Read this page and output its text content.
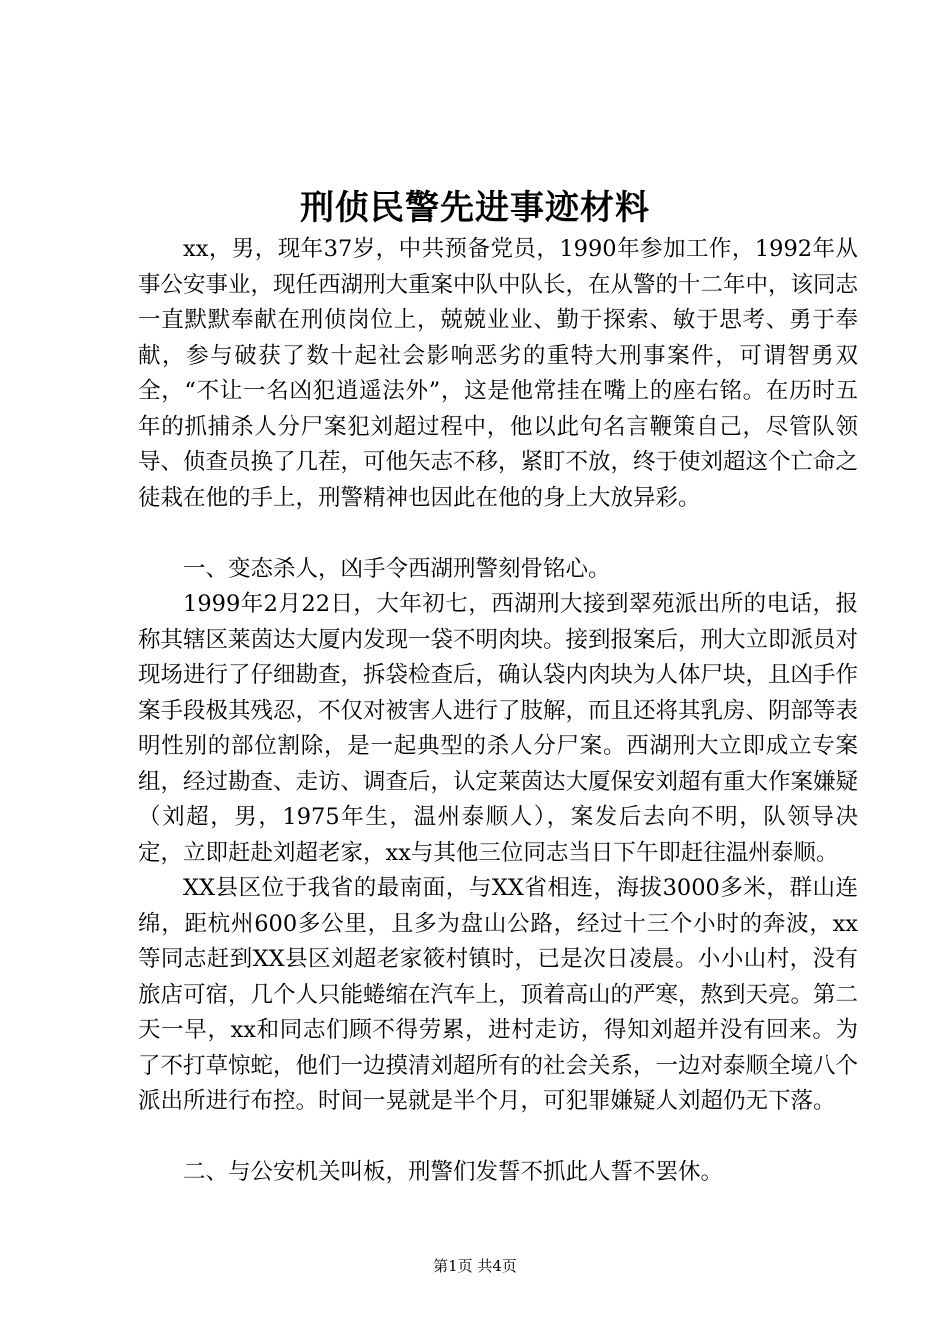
刑侦民警先进事迹材料

xx，男，现年37岁，中共预备党员，1990年参加工作，1992年从事公安事业，现任西湖刑大重案中队中队长，在从警的十二年中，该同志一直默默奉献在刑侦岗位上，兢兢业业、勤于探索、敏于思考、勇于奉献，参与破获了数十起社会影响恶劣的重特大刑事案件，可谓智勇双全，“不让一名凶犯逍遥法外”，这是他常挂在嘴上的座右铭。在历时五年的抓捕杀人分尸案犯刘超过程中，他以此句名言鞭策自己，尽管队领导、侦查员换了几茬，可他矢志不移，紧盯不放，终于使刘超这个亡命之徒栽在他的手上，刑警精神也因此在他的身上大放异彩。

一、变态杀人，凶手令西湖刑警刻骨铭心。

1999年2月22日，大年初七，西湖刑大接到翠苑派出所的电话，报称其辖区莱茵达大厦内发现一袋不明肉块。接到报案后，刑大立即派员对现场进行了仔细勘查，拆袋检查后，确认袋内肉块为人体尸块，且凶手作案手段极其残忍，不仅对被害人进行了肢解，而且还将其乳房、阴部等表明性别的部位割除，是一起典型的杀人分尸案。西湖刑大立即成立专案组，经过勘查、走访、调查后，认定莱茵达大厦保安刘超有重大作案嫌疑（刘超，男，1975年生，温州泰顺人），案发后去向不明，队领导决定，立即赶赴刘超老家，xx与其他三位同志当日下午即赶往温州泰顺。

XX县区位于我省的最南面，与XX省相连，海拔3000多米，群山连绵，距杭州600多公里，且多为盘山公路，经过十三个小时的奔波，xx等同志赶到XX县区刘超老家筱村镇时，已是次日凌晨。小小山村，没有旅店可宿，几个人只能蜷缩在汽车上，顶着高山的严寒，熬到天亮。第二天一早，xx和同志们顾不得劳累，进村走访，得知刘超并没有回来。为了不打草惊蛇，他们一边摸清刘超所有的社会关系，一边对泰顺全境八个派出所进行布控。时间一晃就是半个月，可犯罪嫌疑人刘超仍无下落。

二、与公安机关叫板，刑警们发誓不抓此人誓不罢休。

第1页 共4页
